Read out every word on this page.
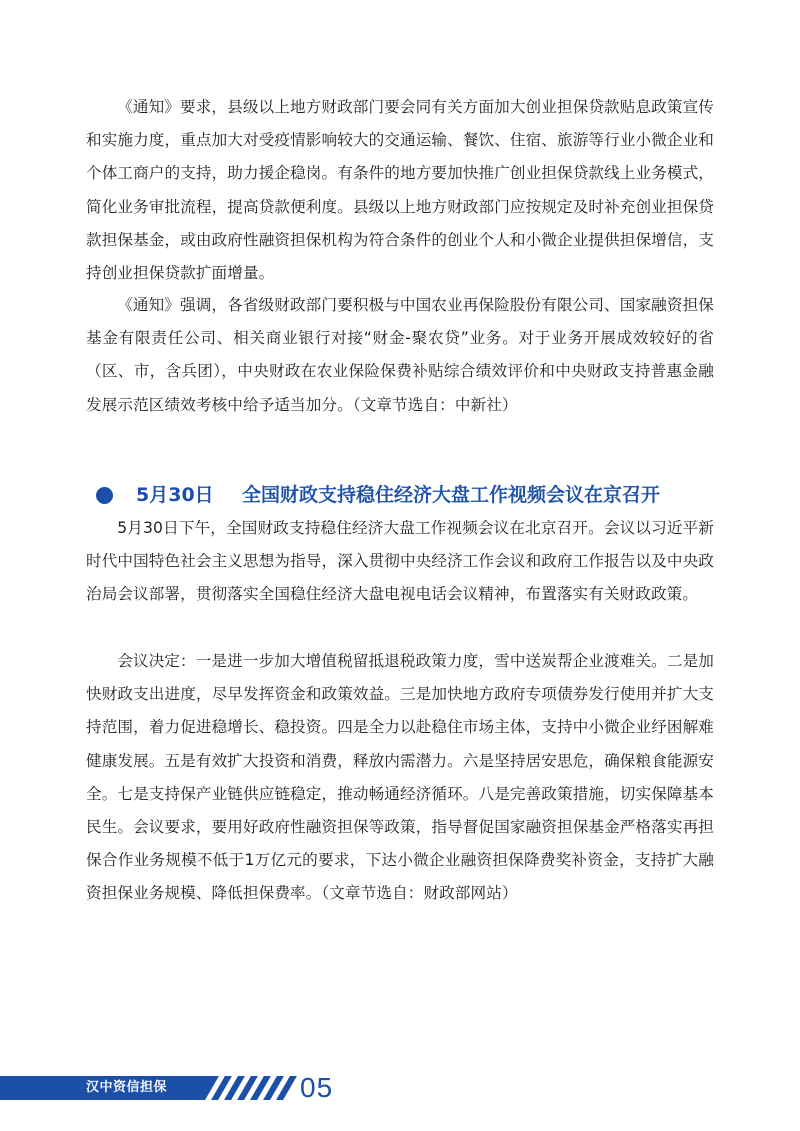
《通知》要求，县级以上地方财政部门要会同有关方面加大创业担保贷款贴息政策宣传和实施力度，重点加大对受疫情影响较大的交通运输、餐饮、住宿、旅游等行业小微企业和个体工商户的支持，助力援企稳岗。有条件的地方要加快推广创业担保贷款线上业务模式，简化业务审批流程，提高贷款便利度。县级以上地方财政部门应按规定及时补充创业担保贷款担保基金，或由政府性融资担保机构为符合条件的创业个人和小微企业提供担保增信，支持创业担保贷款扩面增量。

《通知》强调，各省级财政部门要积极与中国农业再保险股份有限公司、国家融资担保基金有限责任公司、相关商业银行对接“财金-聚农贷”业务。对于业务开展成效较好的省（区、市，含兵团），中央财政在农业保险保费补贴综合绩效评价和中央财政支持普惠金融发展示范区绩效考核中给予适当加分。（文章节选自：中新社）

5月30日下午，全国财政支持稳住经济大盘工作视频会议在北京召开。会议以习近平新时代中国特色社会主义思想为指导，深入贯彻中央经济工作会议和政府工作报告以及中央政治局会议部署，贯彻落实全国稳住经济大盘电视电话会议精神，布置落实有关财政政策。

会议决定：一是进一步加大增值税留抵退税政策力度，雪中送炭帮企业渡难关。二是加快财政支出进度，尽早发挥资金和政策效益。三是加快地方政府专项债券发行使用并扩大支持范围，着力促进稳增长、稳投资。四是全力以赴稳住市场主体，支持中小微企业纾困解难健康发展。五是有效扩大投资和消费，释放内需潜力。六是坚持居安思危，确保粮食能源安全。七是支持保产业链供应链稳定，推动畅通经济循环。八是完善政策措施，切实保障基本民生。会议要求，要用好政府性融资担保等政策，指导督促国家融资担保基金严格落实再担保合作业务规模不低于1万亿元的要求，下达小微企业融资担保降费奖补资金，支持扩大融资担保业务规模、降低担保费率。（文章节选自：财政部网站）

5月30日 全国财政支持稳住经济大盘工作视频会议在京召开
汉中资信担保	05
